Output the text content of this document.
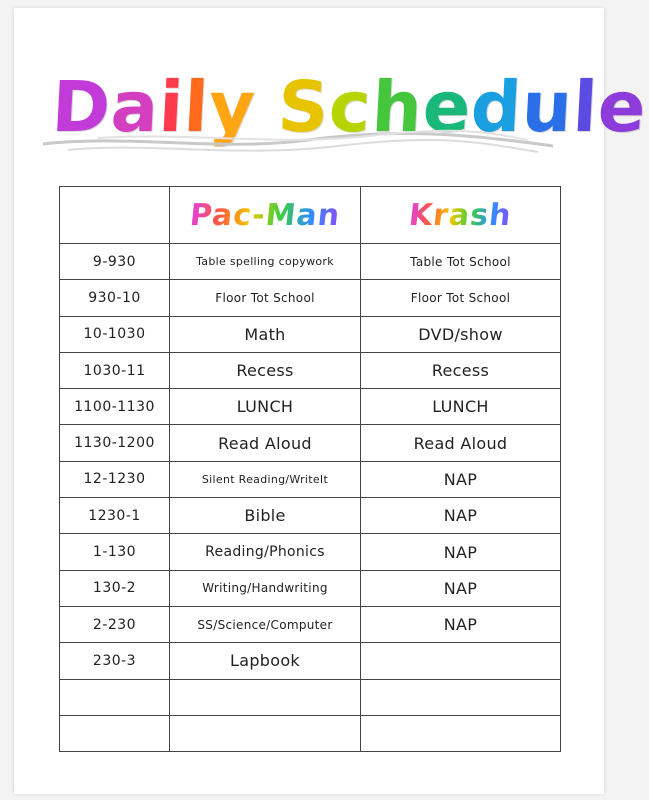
Daily Schedule
	Pac-Man	Krash
9-930	Table spelling copywork	Table Tot School
930-10	Floor Tot School	Floor Tot School
10-1030	Math	DVD/show
1030-11	Recess	Recess
1100-1130	LUNCH	LUNCH
1130-1200	Read Aloud	Read Aloud
12-1230	Silent Reading/WriteIt	NAP
1230-1	Bible	NAP
1-130	Reading/Phonics	NAP
130-2	Writing/Handwriting	NAP
2-230	SS/Science/Computer	NAP
230-3	Lapbook	
